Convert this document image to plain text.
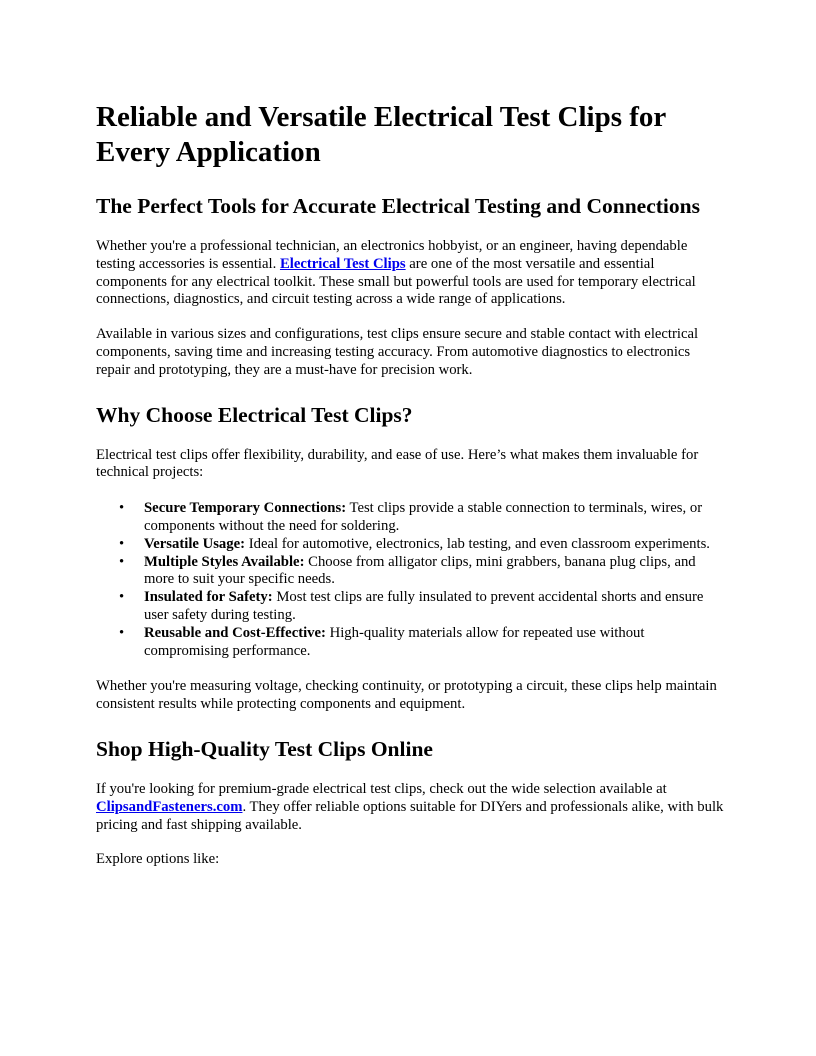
Reliable and Versatile Electrical Test Clips for Every Application
The Perfect Tools for Accurate Electrical Testing and Connections

Whether you're a professional technician, an electronics hobbyist, or an engineer, having dependable testing accessories is essential. Electrical Test Clips are one of the most versatile and essential components for any electrical toolkit. These small but powerful tools are used for temporary electrical connections, diagnostics, and circuit testing across a wide range of applications.

Available in various sizes and configurations, test clips ensure secure and stable contact with electrical components, saving time and increasing testing accuracy. From automotive diagnostics to electronics repair and prototyping, they are a must-have for precision work.

Why Choose Electrical Test Clips?

Electrical test clips offer flexibility, durability, and ease of use. Here’s what makes them invaluable for technical projects:

• Secure Temporary Connections: Test clips provide a stable connection to terminals, wires, or components without the need for soldering.
• Versatile Usage: Ideal for automotive, electronics, lab testing, and even classroom experiments.
• Multiple Styles Available: Choose from alligator clips, mini grabbers, banana plug clips, and more to suit your specific needs.
• Insulated for Safety: Most test clips are fully insulated to prevent accidental shorts and ensure user safety during testing.
• Reusable and Cost-Effective: High-quality materials allow for repeated use without compromising performance.

Whether you're measuring voltage, checking continuity, or prototyping a circuit, these clips help maintain consistent results while protecting components and equipment.

Shop High-Quality Test Clips Online

If you're looking for premium-grade electrical test clips, check out the wide selection available at ClipsandFasteners.com. They offer reliable options suitable for DIYers and professionals alike, with bulk pricing and fast shipping available.

Explore options like:
